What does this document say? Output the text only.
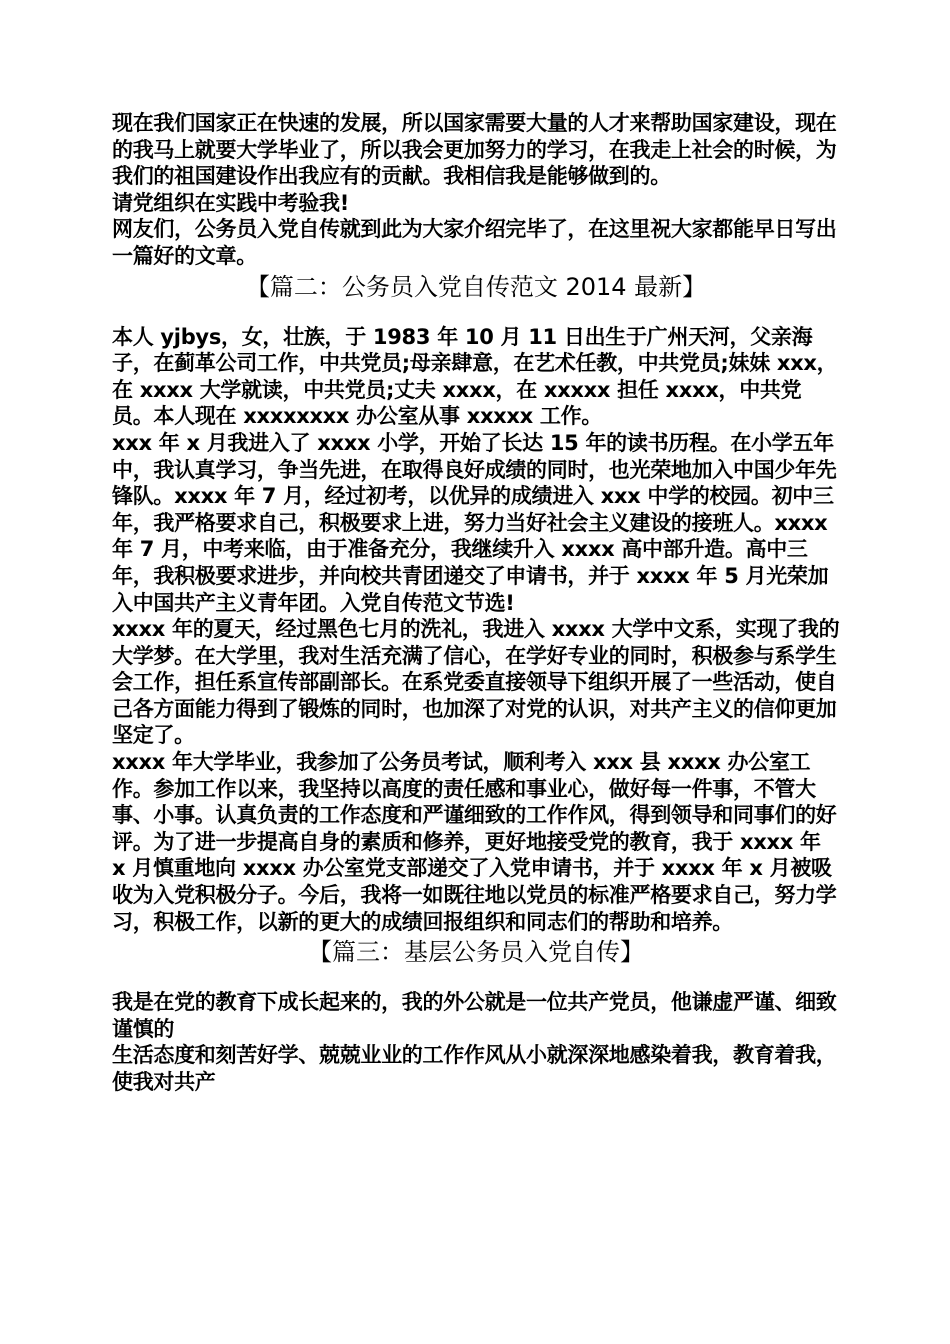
现在我们国家正在快速的发展，所以国家需要大量的人才来帮助国家建设，现在的我马上就要大学毕业了，所以我会更加努力的学习，在我走上社会的时候，为我们的祖国建设作出我应有的贡献。我相信我是能够做到的。

请党组织在实践中考验我!

网友们，公务员入党自传就到此为大家介绍完毕了，在这里祝大家都能早日写出一篇好的文章。

【篇二：公务员入党自传范文 2014 最新】

本人 yjbys，女，壮族，于 1983 年 10 月 11 日出生于广州天河，父亲海子，在蓟革公司工作，中共党员;母亲肆意，在艺术任教，中共党员;妹妹 xxx，在 xxxx 大学就读，中共党员;丈夫 xxxx，在 xxxxx 担任 xxxx，中共党员。本人现在 xxxxxxxx 办公室从事 xxxxx 工作。

xxx 年 x 月我进入了 xxxx 小学，开始了长达 15 年的读书历程。在小学五年中，我认真学习，争当先进，在取得良好成绩的同时，也光荣地加入中国少年先锋队。xxxx 年 7 月，经过初考，以优异的成绩进入 xxx 中学的校园。初中三年，我严格要求自己，积极要求上进，努力当好社会主义建设的接班人。xxxx 年 7 月，中考来临，由于准备充分，我继续升入 xxxx 高中部升造。高中三年，我积极要求进步，并向校共青团递交了申请书，并于 xxxx 年 5 月光荣加入中国共产主义青年团。入党自传范文节选!

xxxx 年的夏天，经过黑色七月的洗礼，我进入 xxxx 大学中文系，实现了我的大学梦。在大学里，我对生活充满了信心，在学好专业的同时，积极参与系学生会工作，担任系宣传部副部长。在系党委直接领导下组织开展了一些活动，使自己各方面能力得到了锻炼的同时，也加深了对党的认识，对共产主义的信仰更加坚定了。

xxxx 年大学毕业，我参加了公务员考试，顺利考入 xxx 县 xxxx 办公室工作。参加工作以来，我坚持以高度的责任感和事业心，做好每一件事，不管大事、小事。认真负责的工作态度和严谨细致的工作作风，得到领导和同事们的好评。为了进一步提高自身的素质和修养，更好地接受党的教育，我于 xxxx 年 x 月慎重地向 xxxx 办公室党支部递交了入党申请书，并于 xxxx 年 x 月被吸收为入党积极分子。今后，我将一如既往地以党员的标准严格要求自己，努力学习，积极工作，以新的更大的成绩回报组织和同志们的帮助和培养。

【篇三：基层公务员入党自传】

我是在党的教育下成长起来的，我的外公就是一位共产党员，他谦虚严谨、细致谨慎的

生活态度和刻苦好学、兢兢业业的工作作风从小就深深地感染着我，教育着我，使我对共产
